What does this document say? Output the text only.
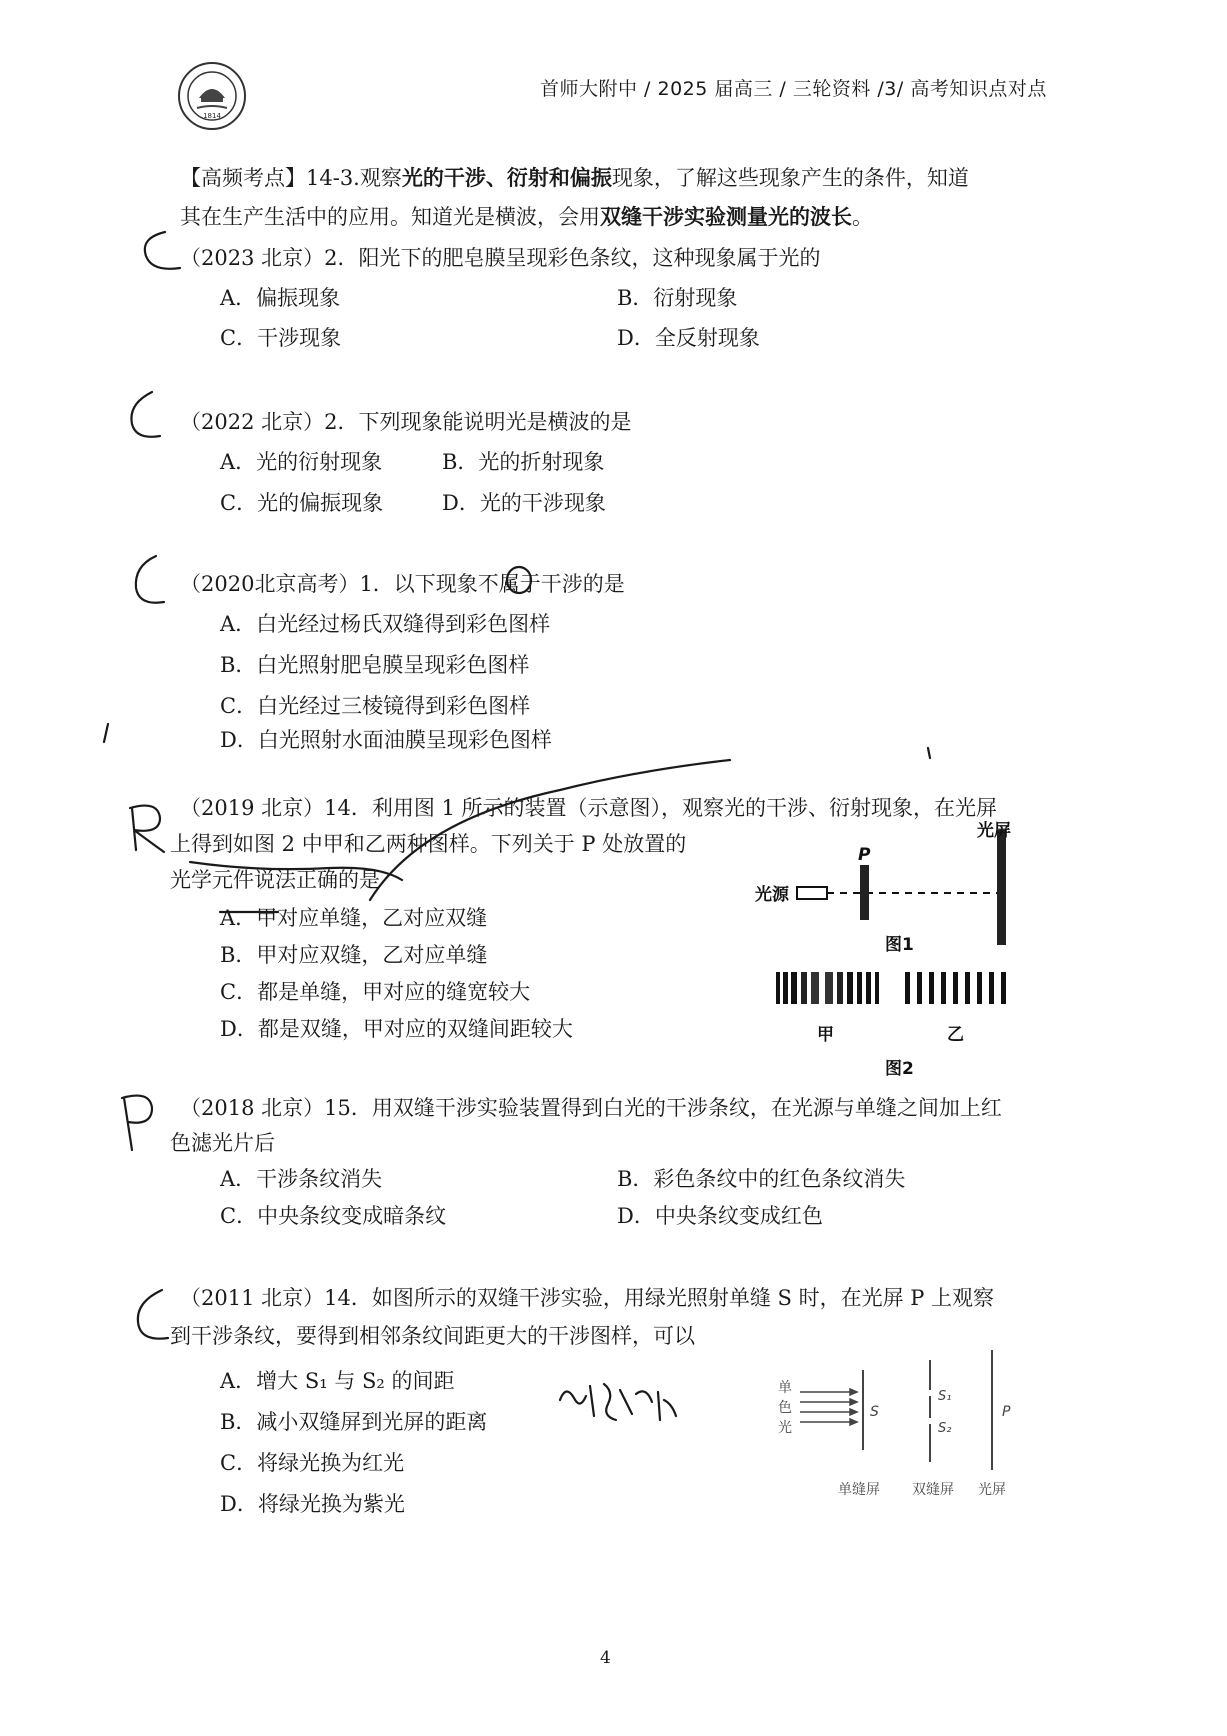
1814
首师大附中 / 2025 届高三 / 三轮资料 /3/ 高考知识点对点
【高频考点】14-3.观察光的干涉、衍射和偏振现象，了解这些现象产生的条件，知道
其在生产生活中的应用。知道光是横波，会用双缝干涉实验测量光的波长。
（2023 北京）2．阳光下的肥皂膜呈现彩色条纹，这种现象属于光的
A．偏振现象	B．衍射现象
C．干涉现象	D．全反射现象
（2022 北京）2．下列现象能说明光是横波的是
A．光的衍射现象	B．光的折射现象
C．光的偏振现象	D．光的干涉现象
（2020北京高考）1．以下现象不属于干涉的是
A．白光经过杨氏双缝得到彩色图样
B．白光照射肥皂膜呈现彩色图样
C．白光经过三棱镜得到彩色图样
D．白光照射水面油膜呈现彩色图样
（2019 北京）14．利用图 1 所示的装置（示意图），观察光的干涉、衍射现象，在光屏
上得到如图 2 中甲和乙两种图样。下列关于 P 处放置的
光学元件说法正确的是
A．甲对应单缝，乙对应双缝
B．甲对应双缝，乙对应单缝
C．都是单缝，甲对应的缝宽较大
D．都是双缝，甲对应的双缝间距较大
光源
P
光屏
图1
甲	乙
图2
（2018 北京）15．用双缝干涉实验装置得到白光的干涉条纹，在光源与单缝之间加上红
色滤光片后
A．干涉条纹消失	B．彩色条纹中的红色条纹消失
C．中央条纹变成暗条纹	D．中央条纹变成红色
（2011 北京）14．如图所示的双缝干涉实验，用绿光照射单缝 S 时，在光屏 P 上观察
到干涉条纹，要得到相邻条纹间距更大的干涉图样，可以
A．增大 S₁ 与 S₂ 的间距
B．减小双缝屏到光屏的距离
C．将绿光换为红光
D．将绿光换为紫光
单
色
光
S
S₁
S₂
P
单缝屏 双缝屏 光屏
4
